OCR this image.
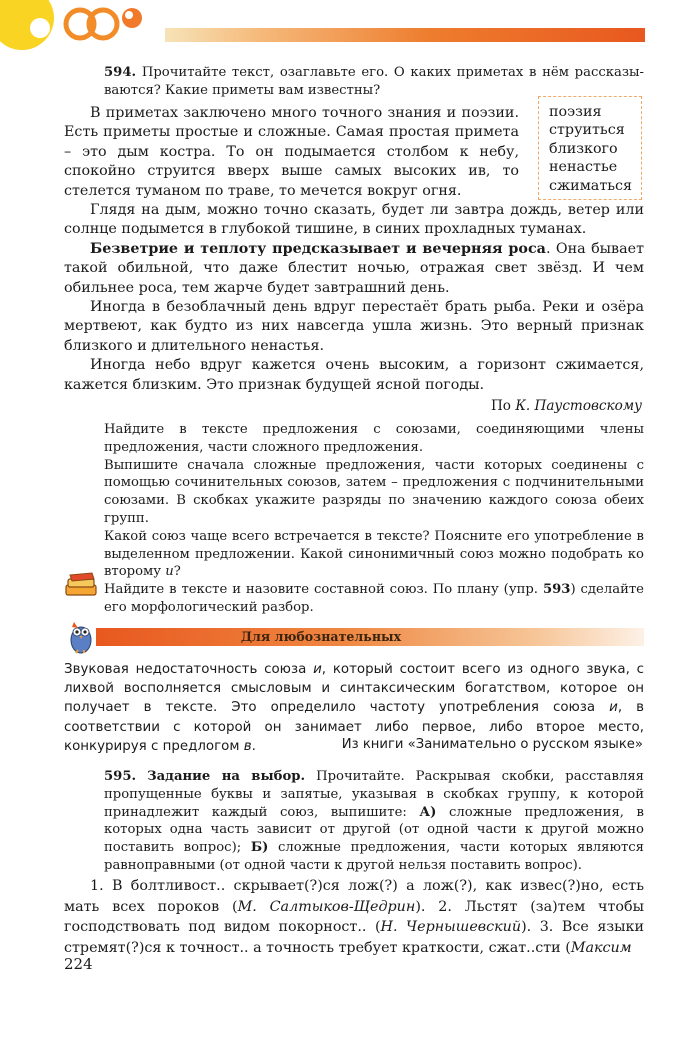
594. Прочитайте текст, озаглавьте его. О каких приметах в нём рассказы-ваются? Какие приметы вам известны?

В приметах заключено много точного знания и поэзии. Есть приметы простые и сложные. Самая простая примета – это дым костра. То он подымается столбом к небу, спокойно струится вверх выше самых высоких ив, то стелется туманом по траве, то мечется вокруг огня.

поэзия
струиться
близкого
ненастье
сжиматься

Глядя на дым, можно точно сказать, будет ли завтра дождь, ветер или солнце подымется в глубокой тишине, в синих прохладных туманах.

Безветрие и теплоту предсказывает и вечерняя роса. Она бывает такой обильной, что даже блестит ночью, отражая свет звёзд. И чем обильнее роса, тем жарче будет завтрашний день.

Иногда в безоблачный день вдруг перестаёт брать рыба. Реки и озёра мертвеют, как будто из них навсегда ушла жизнь. Это верный признак близкого и длительного ненастья.

Иногда небо вдруг кажется очень высоким, а горизонт сжимается, кажется близким. Это признак будущей ясной погоды.

По К. Паустовскому

Найдите в тексте предложения с союзами, соединяющими члены предложения, части сложного предложения.

Выпишите сначала сложные предложения, части которых соединены с помощью сочинительных союзов, затем – предложения с подчинительными союзами. В скобках укажите разряды по значению каждого союза обеих групп.

Какой союз чаще всего встречается в тексте? Поясните его употребление в выделенном предложении. Какой синонимичный союз можно подобрать ко второму и?

Найдите в тексте и назовите составной союз. По плану (упр. 593) сделайте его морфологический разбор.

Для любознательных
Звуковая недостаточность союза и, который состоит всего из одного звука, с лихвой восполняется смысловым и синтаксическим богатством, которое он получает в тексте. Это определило частоту употребления союза и, в соответствии с которой он занимает либо первое, либо второе место, конкурируя с предлогом в.	Из книги «Занимательно о русском языке»
595. Задание на выбор. Прочитайте. Раскрывая скобки, расставляя пропущенные буквы и запятые, указывая в скобках группу, к которой принадлежит каждый союз, выпишите: А) сложные предложения, в которых одна часть зависит от другой (от одной части к другой можно поставить вопрос); Б) сложные предложения, части которых являются равноправными (от одной части к другой нельзя поставить вопрос).

1. В болтливост.. скрывает(?)ся лож(?) а лож(?), как извес(?)но, есть мать всех пороков (М. Салтыков-Щедрин). 2. Льстят (за)тем чтобы господствовать под видом покорност.. (Н. Чернышевский). 3. Все языки стремят(?)ся к точност.. а точность требует краткости, сжат..сти (Максим

224
